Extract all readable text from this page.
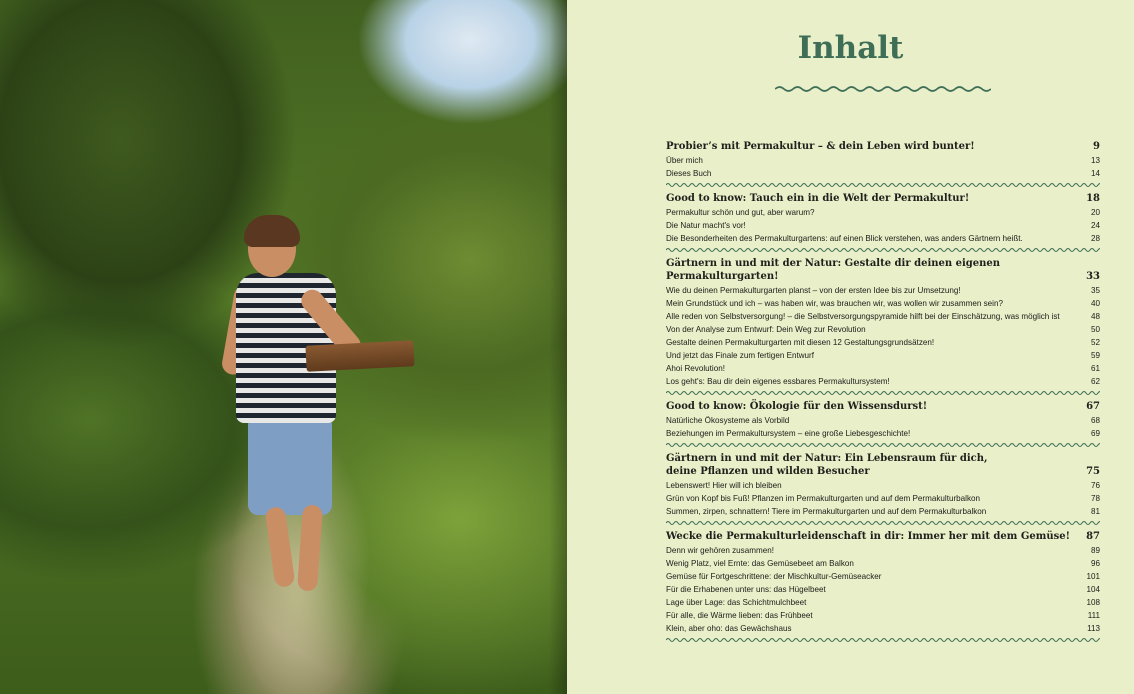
Inhalt
Probier’s mit Permakultur – & dein Leben wird bunter!	9
Über mich	13
Dieses Buch	14
Good to know: Tauch ein in die Welt der Permakultur!	18
Permakultur schön und gut, aber warum?	20
Die Natur macht's vor!	24
Die Besonderheiten des Permakulturgartens: auf einen Blick verstehen, was anders Gärtnern heißt.	28
Gärtnern in und mit der Natur: Gestalte dir deinen eigenen Permakulturgarten!	33
Wie du deinen Permakulturgarten planst – von der ersten Idee bis zur Umsetzung!	35
Mein Grundstück und ich – was haben wir, was brauchen wir, was wollen wir zusammen sein?	40
Alle reden von Selbstversorgung! – die Selbstversorgungspyramide hilft bei der Einschätzung, was möglich ist	48
Von der Analyse zum Entwurf: Dein Weg zur Revolution	50
Gestalte deinen Permakulturgarten mit diesen 12 Gestaltungsgrundsätzen!	52
Und jetzt das Finale zum fertigen Entwurf	59
Ahoi Revolution!	61
Los geht's: Bau dir dein eigenes essbares Permakultursystem!	62
Good to know: Ökologie für den Wissensdurst!	67
Natürliche Ökosysteme als Vorbild	68
Beziehungen im Permakultursystem – eine große Liebesgeschichte!	69
Gärtnern in und mit der Natur: Ein Lebensraum für dich,
deine Pflanzen und wilden Besucher	75
Lebenswert! Hier will ich bleiben	76
Grün von Kopf bis Fuß! Pflanzen im Permakulturgarten und auf dem Permakulturbalkon	78
Summen, zirpen, schnattern! Tiere im Permakulturgarten und auf dem Permakulturbalkon	81
Wecke die Permakulturleidenschaft in dir: Immer her mit dem Gemüse!	87
Denn wir gehören zusammen!	89
Wenig Platz, viel Ernte: das Gemüsebeet am Balkon	96
Gemüse für Fortgeschrittene: der Mischkultur-Gemüseacker	101
Für die Erhabenen unter uns: das Hügelbeet	104
Lage über Lage: das Schichtmulchbeet	108
Für alle, die Wärme lieben: das Frühbeet	111
Klein, aber oho: das Gewächshaus	113
